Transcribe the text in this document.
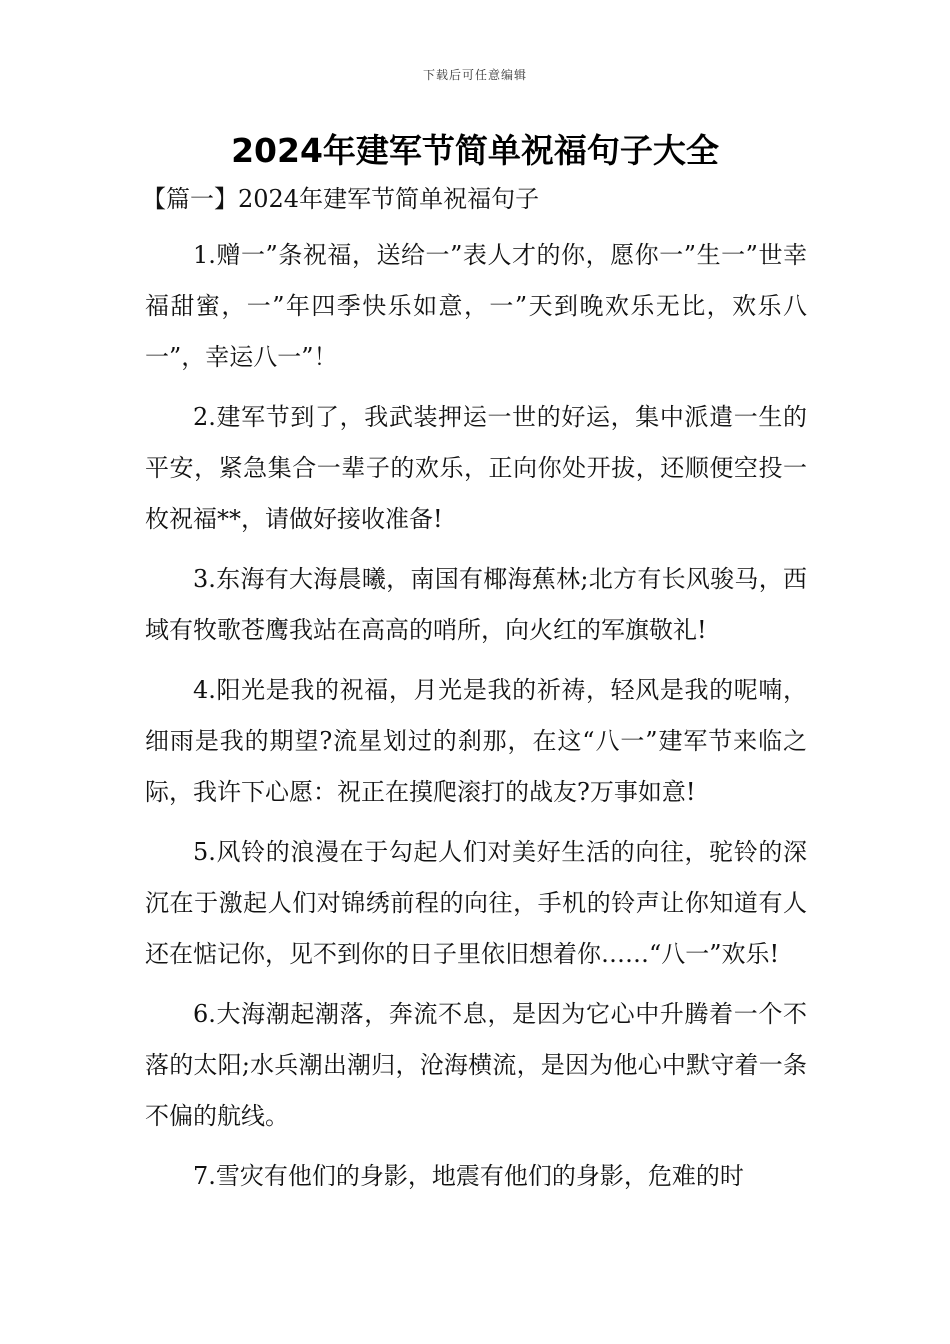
下载后可任意编辑
2024年建军节简单祝福句子大全

【篇一】2024年建军节简单祝福句子

1.赠一”条祝福，送给一”表人才的你，愿你一”生一”世幸福甜蜜，一”年四季快乐如意，一”天到晚欢乐无比，欢乐八一”，幸运八一”！

2.建军节到了，我武装押运一世的好运，集中派遣一生的平安，紧急集合一辈子的欢乐，正向你处开拔，还顺便空投一枚祝福**，请做好接收准备!

3.东海有大海晨曦，南国有椰海蕉林;北方有长风骏马，西域有牧歌苍鹰我站在高高的哨所，向火红的军旗敬礼!

4.阳光是我的祝福，月光是我的祈祷，轻风是我的呢喃，细雨是我的期望?流星划过的刹那，在这“八一”建军节来临之际，我许下心愿：祝正在摸爬滚打的战友?万事如意!

5.风铃的浪漫在于勾起人们对美好生活的向往，驼铃的深沉在于激起人们对锦绣前程的向往，手机的铃声让你知道有人还在惦记你，见不到你的日子里依旧想着你……“八一”欢乐!

6.大海潮起潮落，奔流不息，是因为它心中升腾着一个不落的太阳;水兵潮出潮归，沧海横流，是因为他心中默守着一条不偏的航线。

7.雪灾有他们的身影，地震有他们的身影，危难的时
